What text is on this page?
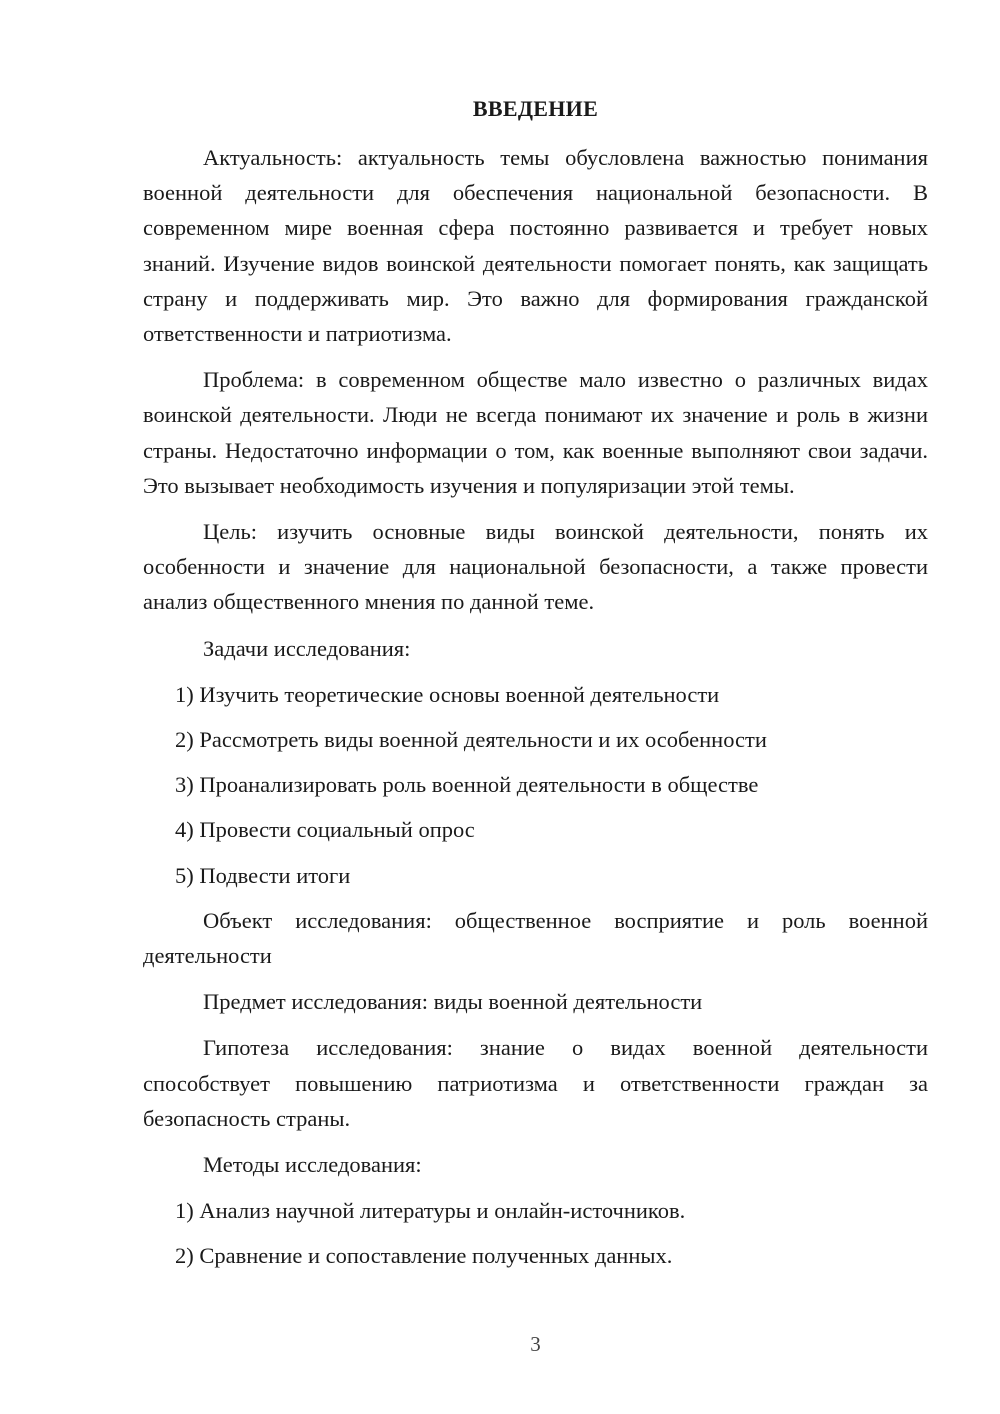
ВВЕДЕНИЕ

Актуальность: актуальность темы обусловлена важностью понимания военной деятельности для обеспечения национальной безопасности. В современном мире военная сфера постоянно развивается и требует новых знаний. Изучение видов воинской деятельности помогает понять, как защищать страну и поддерживать мир. Это важно для формирования гражданской ответственности и патриотизма.

Проблема: в современном обществе мало известно о различных видах воинской деятельности. Люди не всегда понимают их значение и роль в жизни страны. Недостаточно информации о том, как военные выполняют свои задачи. Это вызывает необходимость изучения и популяризации этой темы.

Цель: изучить основные виды воинской деятельности, понять их особенности и значение для национальной безопасности, а также провести анализ общественного мнения по данной теме.

Задачи исследования:

1) Изучить теоретические основы военной деятельности

2) Рассмотреть виды военной деятельности и их особенности

3) Проанализировать роль военной деятельности в обществе

4) Провести социальный опрос

5) Подвести итоги

Объект исследования: общественное восприятие и роль военной деятельности

Предмет исследования: виды военной деятельности

Гипотеза исследования: знание о видах военной деятельности способствует повышению патриотизма и ответственности граждан за безопасность страны.

Методы исследования:

1) Анализ научной литературы и онлайн-источников.

2) Сравнение и сопоставление полученных данных.

3
